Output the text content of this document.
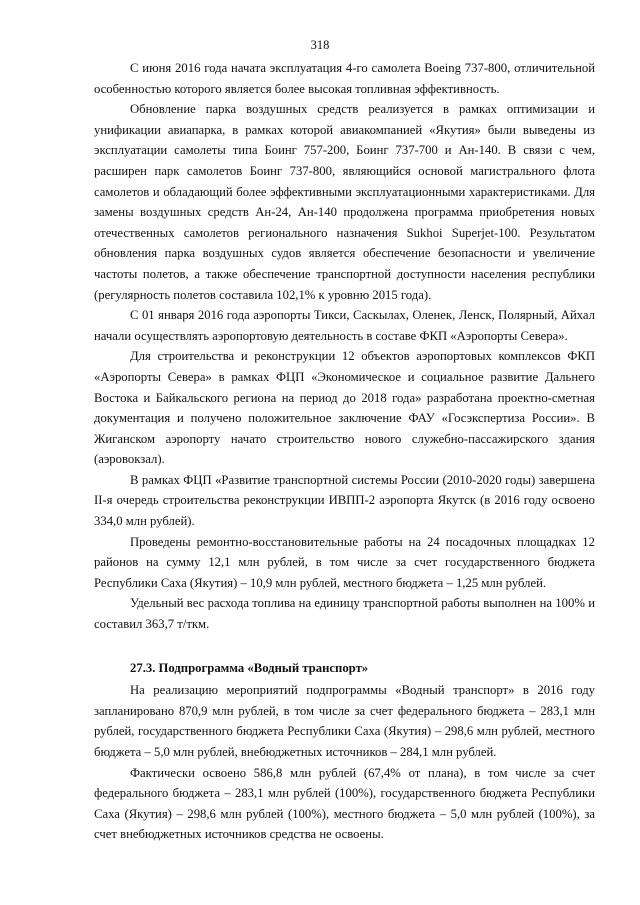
318

С июня 2016 года начата эксплуатация 4-го самолета Boeing 737-800, отличительной особенностью которого является более высокая топливная эффективность.

Обновление парка воздушных средств реализуется в рамках оптимизации и унификации авиапарка, в рамках которой авиакомпанией «Якутия» были выведены из эксплуатации самолеты типа Боинг 757-200, Боинг 737-700 и Ан-140. В связи с чем, расширен парк самолетов Боинг 737-800, являющийся основой магистрального флота самолетов и обладающий более эффективными эксплуатационными характеристиками. Для замены воздушных средств Ан-24, Ан-140 продолжена программа приобретения новых отечественных самолетов регионального назначения Sukhoi Superjet-100. Результатом обновления парка воздушных судов является обеспечение безопасности и увеличение частоты полетов, а также обеспечение транспортной доступности населения республики (регулярность полетов составила 102,1% к уровню 2015 года).

С 01 января 2016 года аэропорты Тикси, Саскылах, Оленек, Ленск, Полярный, Айхал начали осуществлять аэропортовую деятельность в составе ФКП «Аэропорты Севера».

Для строительства и реконструкции 12 объектов аэропортовых комплексов ФКП «Аэропорты Севера» в рамках ФЦП «Экономическое и социальное развитие Дальнего Востока и Байкальского региона на период до 2018 года» разработана проектно-сметная документация и получено положительное заключение ФАУ «Госэкспертиза России». В Жиганском аэропорту начато строительство нового служебно-пассажирского здания (аэровокзал).

В рамках ФЦП «Развитие транспортной системы России (2010-2020 годы) завершена II-я очередь строительства реконструкции ИВПП-2 аэропорта Якутск (в 2016 году освоено 334,0 млн рублей).

Проведены ремонтно-восстановительные работы на 24 посадочных площадках 12 районов на сумму 12,1 млн рублей, в том числе за счет государственного бюджета Республики Саха (Якутия) – 10,9 млн рублей, местного бюджета – 1,25 млн рублей.

Удельный вес расхода топлива на единицу транспортной работы выполнен на 100% и составил 363,7 т/ткм.

27.3. Подпрограмма «Водный транспорт»

На реализацию мероприятий подпрограммы «Водный транспорт» в 2016 году запланировано 870,9 млн рублей, в том числе за счет федерального бюджета – 283,1 млн рублей, государственного бюджета Республики Саха (Якутия) – 298,6 млн рублей, местного бюджета – 5,0 млн рублей, внебюджетных источников – 284,1 млн рублей.

Фактически освоено 586,8 млн рублей (67,4% от плана), в том числе за счет федерального бюджета – 283,1 млн рублей (100%), государственного бюджета Республики Саха (Якутия) – 298,6 млн рублей (100%), местного бюджета – 5,0 млн рублей (100%), за счет внебюджетных источников средства не освоены.
